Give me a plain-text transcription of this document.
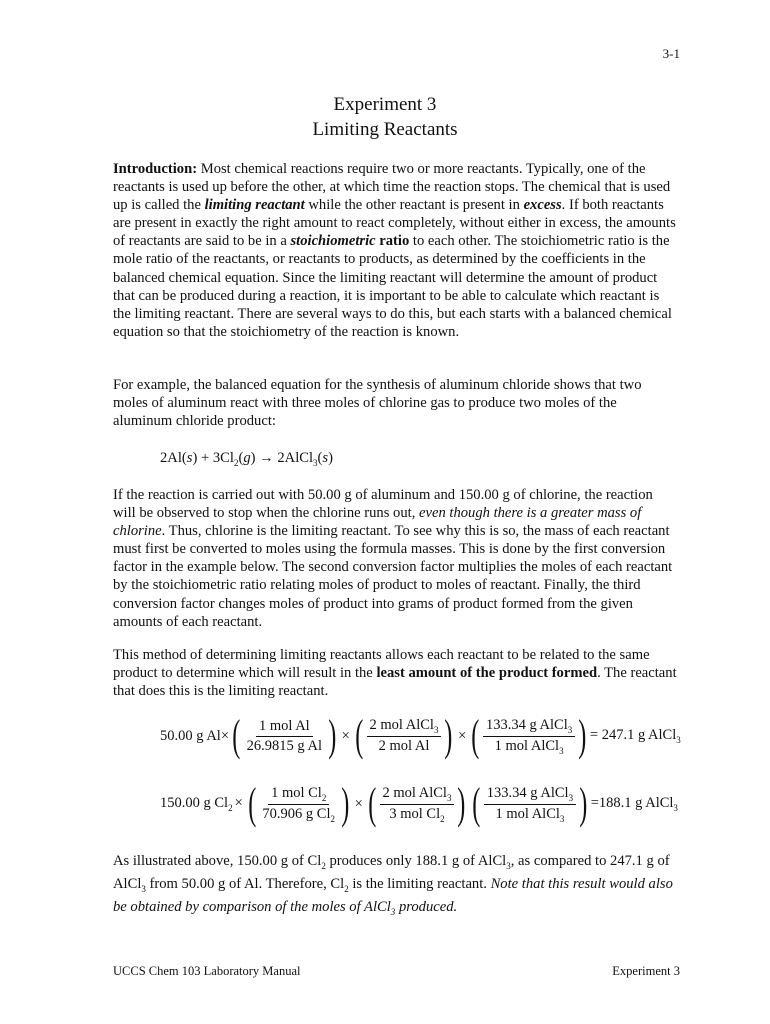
3-1
Experiment 3
Limiting Reactants

Introduction: Most chemical reactions require two or more reactants. Typically, one of the reactants is used up before the other, at which time the reaction stops. The chemical that is used up is called the limiting reactant while the other reactant is present in excess. If both reactants are present in exactly the right amount to react completely, without either in excess, the amounts of reactants are said to be in a stoichiometric ratio to each other. The stoichiometric ratio is the mole ratio of the reactants, or reactants to products, as determined by the coefficients in the balanced chemical equation. Since the limiting reactant will determine the amount of product that can be produced during a reaction, it is important to be able to calculate which reactant is the limiting reactant. There are several ways to do this, but each starts with a balanced chemical equation so that the stoichiometry of the reaction is known.

For example, the balanced equation for the synthesis of aluminum chloride shows that two moles of aluminum react with three moles of chlorine gas to produce two moles of the aluminum chloride product:

$2Al(s) + 3Cl_2(g)$ → 2AlCl$_3$(s)

If the reaction is carried out with 50.00 g of aluminum and 150.00 g of chlorine, the reaction will be observed to stop when the chlorine runs out, even though there is a greater mass of chlorine. Thus, chlorine is the limiting reactant. To see why this is so, the mass of each reactant must first be converted to moles using the formula masses. This is done by the first conversion factor in the example below. The second conversion factor multiplies the moles of each reactant by the stoichiometric ratio relating moles of product to moles of reactant. Finally, the third conversion factor changes moles of product into grams of product formed from the given amounts of each reactant.

This method of determining limiting reactants allows each reactant to be related to the same product to determine which will result in the least amount of the product formed. The reactant that does this is the limiting reactant.

50.00 g Al× ( $\frac{\text{1 mol Al}}{\text{26.9815 g Al}}$ ) × ( $\frac{2 mol AlCl_3}{\text{2 mol Al}}$ ) × ( $\frac{133.34 g AlCl_3}{1 mol AlCl_3}$ ) = 247.1 g AlCl$_3$
150.00 g $Cl_2$ × ( $\frac{1 mol Cl_2}{70.906 g Cl_2}$ ) × ( $\frac{2 mol AlCl_3}{3 mol Cl_2}$ ) ( $\frac{133.34 g AlCl_3}{1 mol AlCl_3}$ ) =188.1 g AlCl$_3$

As illustrated above, 150.00 g of $Cl_2$ produces only 188.1 g of AlCl$_3$, as compared to 247.1 g of AlCl$_3$ from 50.00 g of Al. Therefore, $Cl_2$ is the limiting reactant. Note that this result would also be obtained by comparison of the moles of AlCl$_3$ produced.

UCCS Chem 103 Laboratory Manual	Experiment 3
